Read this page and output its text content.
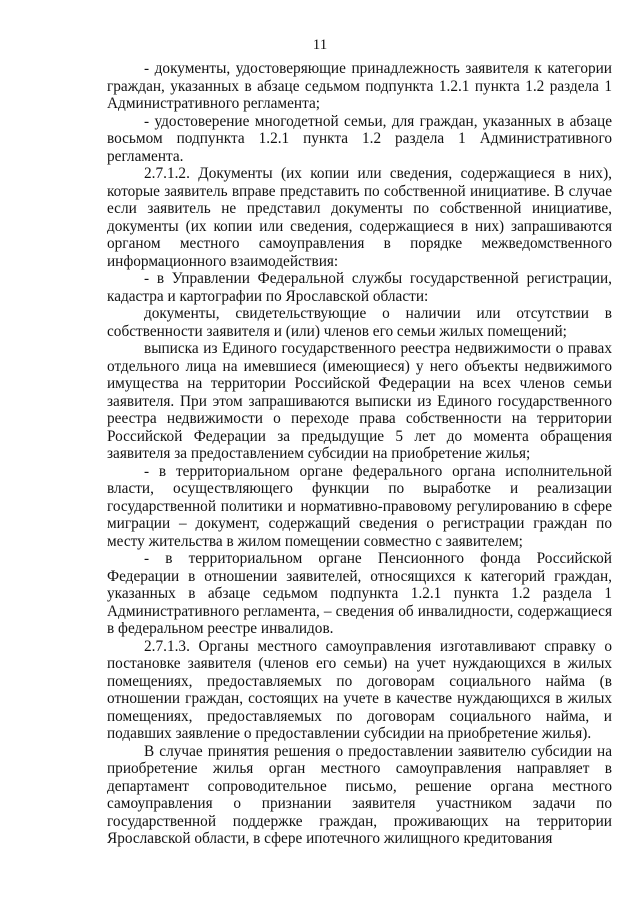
11

- документы, удостоверяющие принадлежность заявителя к категории граждан, указанных в абзаце седьмом подпункта 1.2.1 пункта 1.2 раздела 1 Административного регламента;

- удостоверение многодетной семьи, для граждан, указанных в абзаце восьмом подпункта 1.2.1 пункта 1.2 раздела 1 Административного регламента.

2.7.1.2. Документы (их копии или сведения, содержащиеся в них), которые заявитель вправе представить по собственной инициативе. В случае если заявитель не представил документы по собственной инициативе, документы (их копии или сведения, содержащиеся в них) запрашиваются органом местного самоуправления в порядке межведомственного информационного взаимодействия:

- в Управлении Федеральной службы государственной регистрации, кадастра и картографии по Ярославской области:

документы, свидетельствующие о наличии или отсутствии в собственности заявителя и (или) членов его семьи жилых помещений;

выписка из Единого государственного реестра недвижимости о правах отдельного лица на имевшиеся (имеющиеся) у него объекты недвижимого имущества на территории Российской Федерации на всех членов семьи заявителя. При этом запрашиваются выписки из Единого государственного реестра недвижимости о переходе права собственности на территории Российской Федерации за предыдущие 5 лет до момента обращения заявителя за предоставлением субсидии на приобретение жилья;

- в территориальном органе федерального органа исполнительной власти, осуществляющего функции по выработке и реализации государственной политики и нормативно-правовому регулированию в сфере миграции – документ, содержащий сведения о регистрации граждан по месту жительства в жилом помещении совместно с заявителем;

- в территориальном органе Пенсионного фонда Российской Федерации в отношении заявителей, относящихся к категорий граждан, указанных в абзаце седьмом подпункта 1.2.1 пункта 1.2 раздела 1 Административного регламента, – сведения об инвалидности, содержащиеся в федеральном реестре инвалидов.

2.7.1.3. Органы местного самоуправления изготавливают справку о постановке заявителя (членов его семьи) на учет нуждающихся в жилых помещениях, предоставляемых по договорам социального найма (в отношении граждан, состоящих на учете в качестве нуждающихся в жилых помещениях, предоставляемых по договорам социального найма, и подавших заявление о предоставлении субсидии на приобретение жилья).

В случае принятия решения о предоставлении заявителю субсидии на приобретение жилья орган местного самоуправления направляет в департамент сопроводительное письмо, решение органа местного самоуправления о признании заявителя участником задачи по государственной поддержке граждан, проживающих на территории Ярославской области, в сфере ипотечного жилищного кредитования
